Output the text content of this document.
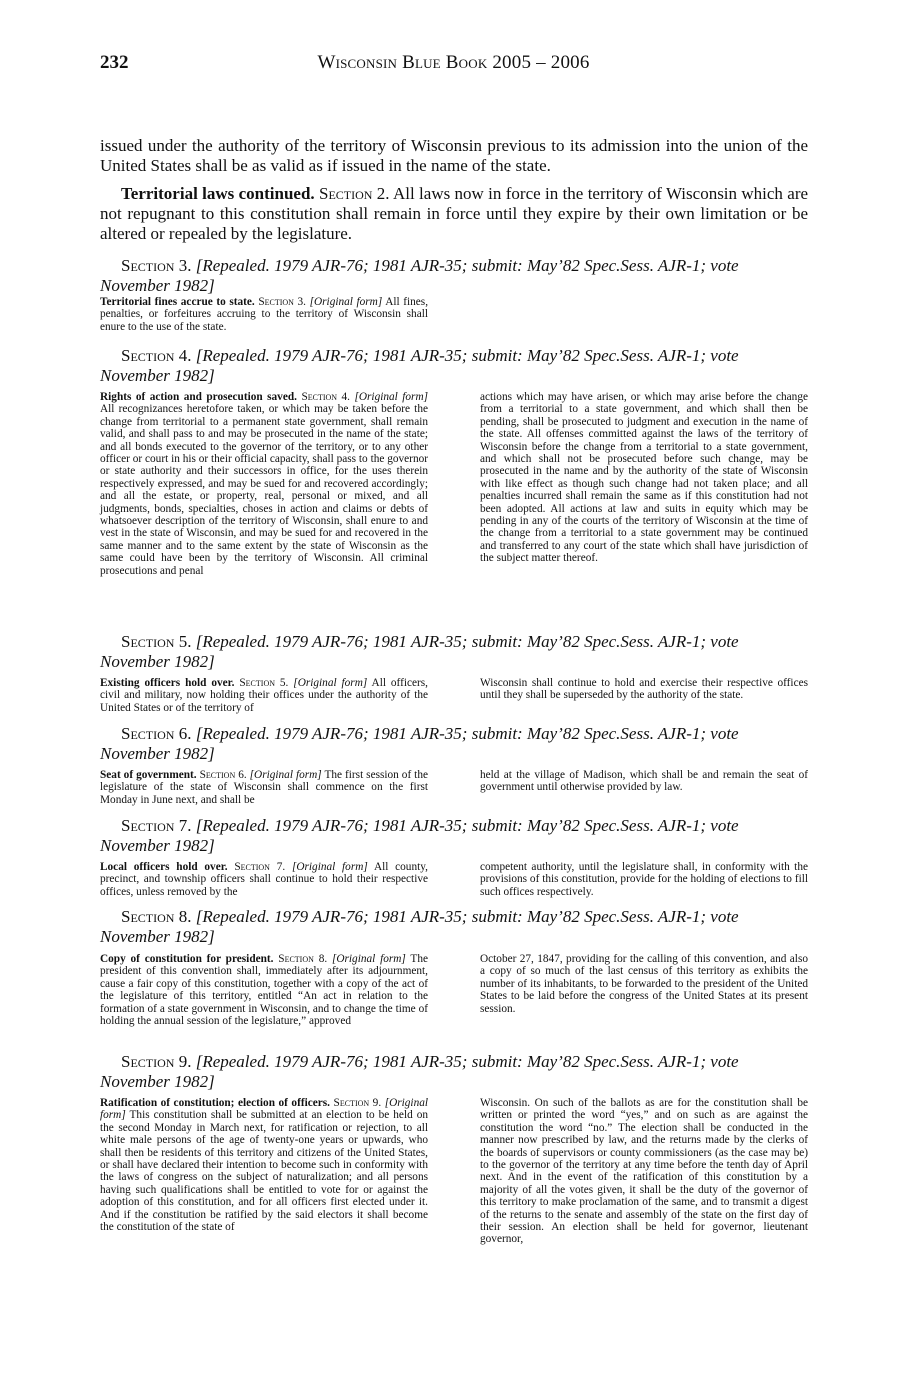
232	Wisconsin Blue Book 2005 – 2006

issued under the authority of the territory of Wisconsin previous to its admission into the union of the United States shall be as valid as if issued in the name of the state.

Territorial laws continued. Section 2. All laws now in force in the territory of Wisconsin which are not repugnant to this constitution shall remain in force until they expire by their own limitation or be altered or repealed by the legislature.

Section 3. [Repealed. 1979 AJR-76; 1981 AJR-35; submit: May’82 Spec.Sess. AJR-1; vote November 1982]

Territorial fines accrue to state. Section 3. [Original form] All fines, penalties, or forfeitures accruing to the territory of Wisconsin shall enure to the use of the state.

Section 4. [Repealed. 1979 AJR-76; 1981 AJR-35; submit: May’82 Spec.Sess. AJR-1; vote November 1982]

Rights of action and prosecution saved. Section 4. [Original form] All recognizances heretofore taken, or which may be taken before the change from territorial to a permanent state government, shall remain valid, and shall pass to and may be prosecuted in the name of the state; and all bonds executed to the governor of the territory, or to any other officer or court in his or their official capacity, shall pass to the governor or state authority and their successors in office, for the uses therein respectively expressed, and may be sued for and recovered accordingly; and all the estate, or property, real, personal or mixed, and all judgments, bonds, specialties, choses in action and claims or debts of whatsoever description of the territory of Wisconsin, shall enure to and vest in the state of Wisconsin, and may be sued for and recovered in the same manner and to the same extent by the state of Wisconsin as the same could have been by the territory of Wisconsin. All criminal prosecutions and penal

actions which may have arisen, or which may arise before the change from a territorial to a state government, and which shall then be pending, shall be prosecuted to judgment and execution in the name of the state. All offenses committed against the laws of the territory of Wisconsin before the change from a territorial to a state government, and which shall not be prosecuted before such change, may be prosecuted in the name and by the authority of the state of Wisconsin with like effect as though such change had not taken place; and all penalties incurred shall remain the same as if this constitution had not been adopted. All actions at law and suits in equity which may be pending in any of the courts of the territory of Wisconsin at the time of the change from a territorial to a state government may be continued and transferred to any court of the state which shall have jurisdiction of the subject matter thereof.

Section 5. [Repealed. 1979 AJR-76; 1981 AJR-35; submit: May’82 Spec.Sess. AJR-1; vote November 1982]

Existing officers hold over. Section 5. [Original form] All officers, civil and military, now holding their offices under the authority of the United States or of the territory of

Wisconsin shall continue to hold and exercise their respective offices until they shall be superseded by the authority of the state.

Section 6. [Repealed. 1979 AJR-76; 1981 AJR-35; submit: May’82 Spec.Sess. AJR-1; vote November 1982]

Seat of government. Section 6. [Original form] The first session of the legislature of the state of Wisconsin shall commence on the first Monday in June next, and shall be

held at the village of Madison, which shall be and remain the seat of government until otherwise provided by law.

Section 7. [Repealed. 1979 AJR-76; 1981 AJR-35; submit: May’82 Spec.Sess. AJR-1; vote November 1982]

Local officers hold over. Section 7. [Original form] All county, precinct, and township officers shall continue to hold their respective offices, unless removed by the

competent authority, until the legislature shall, in conformity with the provisions of this constitution, provide for the holding of elections to fill such offices respectively.

Section 8. [Repealed. 1979 AJR-76; 1981 AJR-35; submit: May’82 Spec.Sess. AJR-1; vote November 1982]

Copy of constitution for president. Section 8. [Original form] The president of this convention shall, immediately after its adjournment, cause a fair copy of this constitution, together with a copy of the act of the legislature of this territory, entitled “An act in relation to the formation of a state government in Wisconsin, and to change the time of holding the annual session of the legislature,” approved

October 27, 1847, providing for the calling of this convention, and also a copy of so much of the last census of this territory as exhibits the number of its inhabitants, to be forwarded to the president of the United States to be laid before the congress of the United States at its present session.

Section 9. [Repealed. 1979 AJR-76; 1981 AJR-35; submit: May’82 Spec.Sess. AJR-1; vote November 1982]

Ratification of constitution; election of officers. Section 9. [Original form] This constitution shall be submitted at an election to be held on the second Monday in March next, for ratification or rejection, to all white male persons of the age of twenty-one years or upwards, who shall then be residents of this territory and citizens of the United States, or shall have declared their intention to become such in conformity with the laws of congress on the subject of naturalization; and all persons having such qualifications shall be entitled to vote for or against the adoption of this constitution, and for all officers first elected under it. And if the constitution be ratified by the said electors it shall become the constitution of the state of

Wisconsin. On such of the ballots as are for the constitution shall be written or printed the word “yes,” and on such as are against the constitution the word “no.” The election shall be conducted in the manner now prescribed by law, and the returns made by the clerks of the boards of supervisors or county commissioners (as the case may be) to the governor of the territory at any time before the tenth day of April next. And in the event of the ratification of this constitution by a majority of all the votes given, it shall be the duty of the governor of this territory to make proclamation of the same, and to transmit a digest of the returns to the senate and assembly of the state on the first day of their session. An election shall be held for governor, lieutenant governor,
